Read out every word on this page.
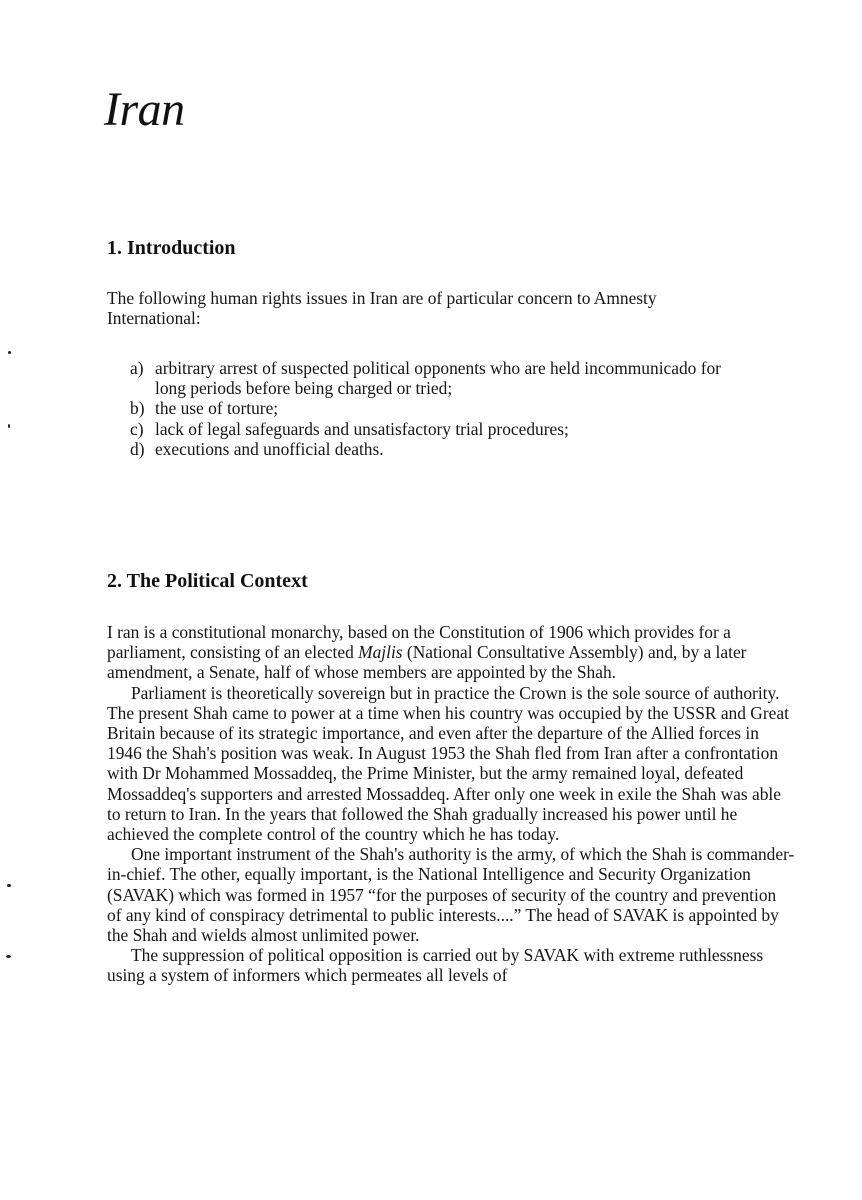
Iran
1. Introduction

The following human rights issues in Iran are of particular concern to Amnesty International:

a) arbitrary arrest of suspected political opponents who are held incommunicado for long periods before being charged or tried;
b) the use of torture;
c) lack of legal safeguards and unsatisfactory trial procedures;
d) executions and unofficial deaths.
2. The Political Context

I ran is a constitutional monarchy, based on the Constitution of 1906 which provides for a parliament, consisting of an elected Majlis (National Consultative Assembly) and, by a later amendment, a Senate, half of whose members are appointed by the Shah.

Parliament is theoretically sovereign but in practice the Crown is the sole source of authority. The present Shah came to power at a time when his country was occupied by the USSR and Great Britain because of its strategic importance, and even after the departure of the Allied forces in 1946 the Shah's position was weak. In August 1953 the Shah fled from Iran after a confrontation with Dr Mohammed Mossaddeq, the Prime Minister, but the army remained loyal, defeated Mossaddeq's supporters and arrested Mossaddeq. After only one week in exile the Shah was able to return to Iran. In the years that followed the Shah gradually increased his power until he achieved the complete control of the country which he has today.

One important instrument of the Shah's authority is the army, of which the Shah is commander-in-chief. The other, equally important, is the National Intelligence and Security Organization (SAVAK) which was formed in 1957 “for the purposes of security of the country and prevention of any kind of conspiracy detrimental to public interests....” The head of SAVAK is appointed by the Shah and wields almost unlimited power.

The suppression of political opposition is carried out by SAVAK with extreme ruthlessness using a system of informers which permeates all levels of
